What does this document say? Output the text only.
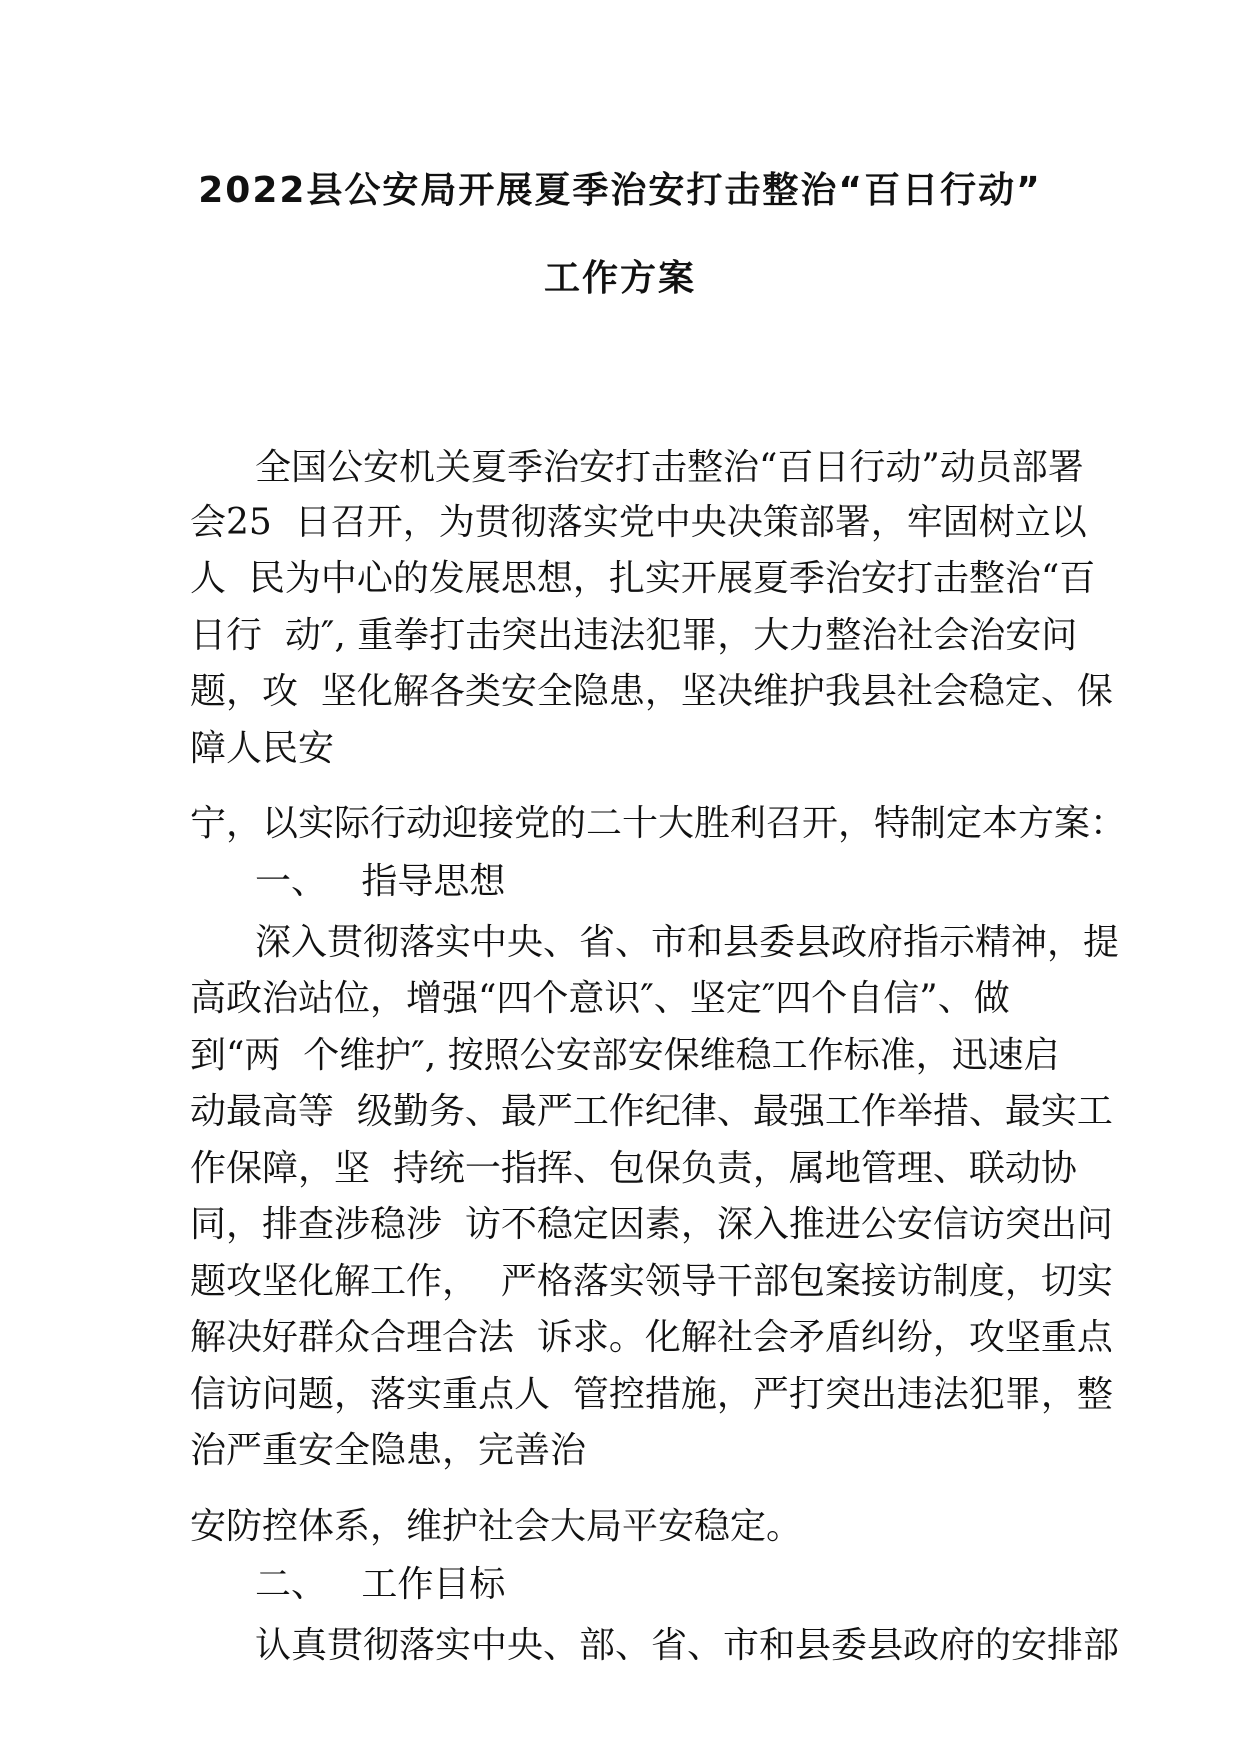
2022县公安局开展夏季治安打击整治“百日行动”
工作方案

全国公安机关夏季治安打击整治“百日行动”动员部署

会25  日召开，为贯彻落实党中央决策部署，牢固树立以

人  民为中心的发展思想，扎实开展夏季治安打击整治“百

日行  动″, 重拳打击突出违法犯罪，大力整治社会治安问

题，攻  坚化解各类安全隐患，坚决维护我县社会稳定、保

障人民安

宁，以实际行动迎接党的二十大胜利召开，特制定本方案：

一、   指导思想

深入贯彻落实中央、省、市和县委县政府指示精神，提

高政治站位，增强“四个意识″、坚定″四个自信”、做

到“两  个维护″, 按照公安部安保维稳工作标准，迅速启

动最高等  级勤务、最严工作纪律、最强工作举措、最实工

作保障，坚  持统一指挥、包保负责，属地管理、联动协

同，排查涉稳涉  访不稳定因素，深入推进公安信访突出问

题攻坚化解工作，  严格落实领导干部包案接访制度，切实

解决好群众合理合法  诉求。化解社会矛盾纠纷，攻坚重点

信访问题，落实重点人  管控措施，严打突出违法犯罪，整

治严重安全隐患，完善治

安防控体系，维护社会大局平安稳定。

二、   工作目标

认真贯彻落实中央、部、省、市和县委县政府的安排部
